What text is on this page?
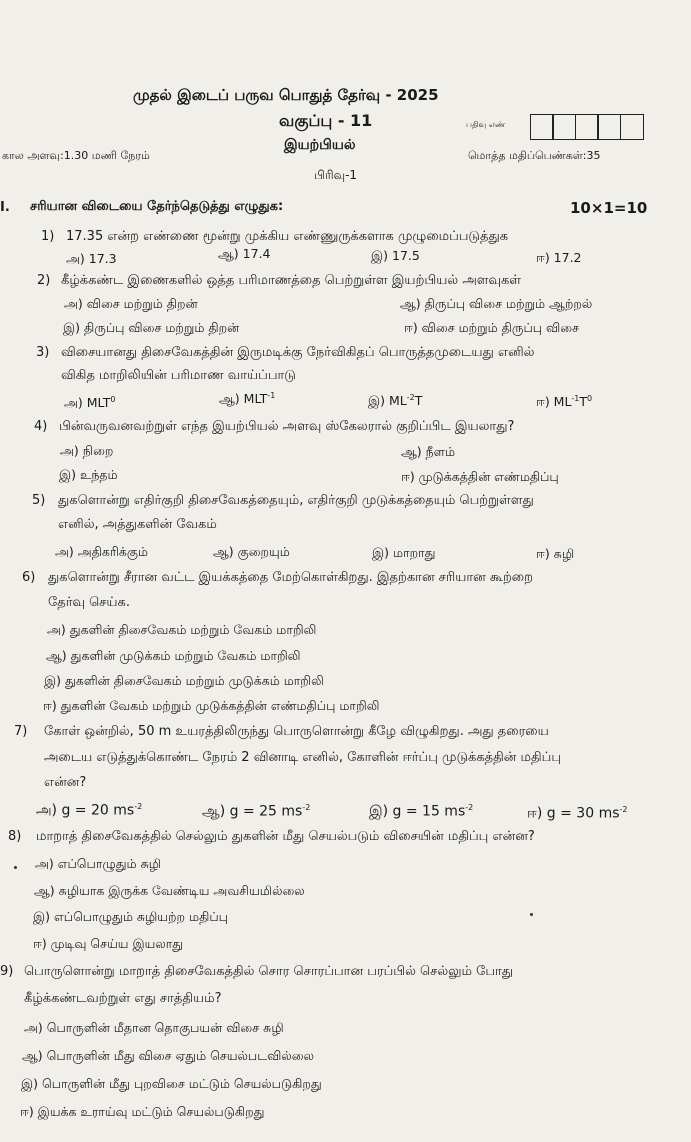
முதல் இடைப் பருவ பொதுத் தேர்வு - 2025
வகுப்பு - 11	பதிவு எண்
இயற்பியல்
கால அளவு:1.30 மணி நேரம்	மொத்த மதிப்பெண்கள்:35
பிரிவு-1
I. சரியான விடையை தேர்ந்தெடுத்து எழுதுக:	10×1=10
1) 17.35 என்ற எண்ணை மூன்று முக்கிய எண்ணுருக்களாக முழுமைப்படுத்துக
அ) 17.3	ஆ) 17.4	இ) 17.5	ஈ) 17.2
2) கீழ்க்கண்ட இணைகளில் ஒத்த பரிமாணத்தை பெற்றுள்ள இயற்பியல் அளவுகள்
அ) விசை மற்றும் திறன்	ஆ) திருப்பு விசை மற்றும் ஆற்றல்
இ) திருப்பு விசை மற்றும் திறன்	ஈ) விசை மற்றும் திருப்பு விசை
3) விசையானது திசைவேகத்தின் இருமடிக்கு நேர்விகிதப் பொருத்தமுடையது எனில்
விகித மாறிலியின் பரிமாண வாய்ப்பாடு
அ) MLT$^0$	ஆ) $MLT^{-1}$	இ) $ML^{-2}T$	ஈ) $ML^{-1}T^0$
4) பின்வருவனவற்றுள் எந்த இயற்பியல் அளவு ஸ்கேலரால் குறிப்பிட இயலாது?
அ) நிறை	ஆ) நீளம்
இ) உந்தம்	ஈ) முடுக்கத்தின் எண்மதிப்பு
5) துகளொன்று எதிர்குறி திசைவேகத்தையும், எதிர்குறி முடுக்கத்தையும் பெற்றுள்ளது
எனில், அத்துகளின் வேகம்
அ) அதிகரிக்கும்	ஆ) குறையும்	இ) மாறாது	ஈ) சுழி
6) துகளொன்று சீரான வட்ட இயக்கத்தை மேற்கொள்கிறது. இதற்கான சரியான கூற்றை
தேர்வு செய்க.
அ) துகளின் திசைவேகம் மற்றும் வேகம் மாறிலி
ஆ) துகளின் முடுக்கம் மற்றும் வேகம் மாறிலி
இ) துகளின் திசைவேகம் மற்றும் முடுக்கம் மாறிலி
ஈ) துகளின் வேகம் மற்றும் முடுக்கத்தின் எண்மதிப்பு மாறிலி
7) கோள் ஒன்றில், 50 m உயரத்திலிருந்து பொருளொன்று கீழே விழுகிறது. அது தரையை
அடைய எடுத்துக்கொண்ட நேரம் 2 வினாடி எனில், கோளின் ஈர்ப்பு முடுக்கத்தின் மதிப்பு
என்ன?
அ) g = 20 $ms^{-2}$	ஆ) g = 25 $ms^{-2}$	இ) g = 15 $ms^{-2}$	ஈ) g = 30 $ms^{-2}$
8) மாறாத் திசைவேகத்தில் செல்லும் துகளின் மீது செயல்படும் விசையின் மதிப்பு என்ன?
அ) எப்பொழுதும் சுழி
ஆ) சுழியாக இருக்க வேண்டிய அவசியமில்லை
இ) எப்பொழுதும் சுழியற்ற மதிப்பு
ஈ) முடிவு செய்ய இயலாது
9) பொருளொன்று மாறாத் திசைவேகத்தில் சொர சொரப்பான பரப்பில் செல்லும் போது
கீழ்க்கண்டவற்றுள் எது சாத்தியம்?
அ) பொருளின் மீதான தொகுபயன் விசை சுழி
ஆ) பொருளின் மீது விசை ஏதும் செயல்படவில்லை
இ) பொருளின் மீது புறவிசை மட்டும் செயல்படுகிறது
ஈ) இயக்க உராய்வு மட்டும் செயல்படுகிறது
